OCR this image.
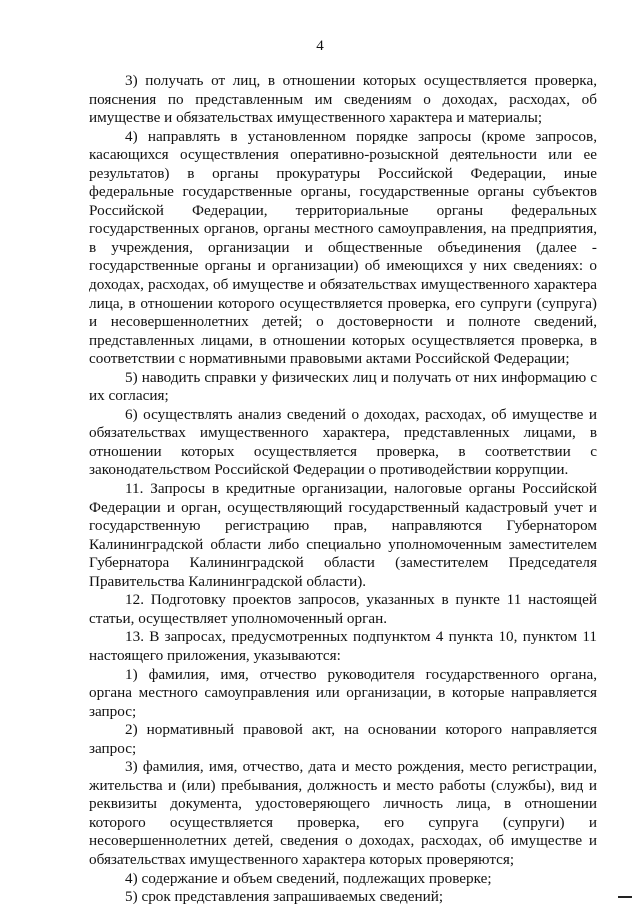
4

3) получать от лиц, в отношении которых осуществляется проверка, пояснения по представленным им сведениям о доходах, расходах, об имуществе и обязательствах имущественного характера и материалы;

4) направлять в установленном порядке запросы (кроме запросов, касающихся осуществления оперативно-розыскной деятельности или ее результатов) в органы прокуратуры Российской Федерации, иные федеральные государственные органы, государственные органы субъектов Российской Федерации, территориальные органы федеральных государственных органов, органы местного самоуправления, на предприятия, в учреждения, организации и общественные объединения (далее - государственные органы и организации) об имеющихся у них сведениях: о доходах, расходах, об имуществе и обязательствах имущественного характера лица, в отношении которого осуществляется проверка, его супруги (супруга) и несовершеннолетних детей; о достоверности и полноте сведений, представленных лицами, в отношении которых осуществляется проверка, в соответствии с нормативными правовыми актами Российской Федерации;

5) наводить справки у физических лиц и получать от них информацию с их согласия;

6) осуществлять анализ сведений о доходах, расходах, об имуществе и обязательствах имущественного характера, представленных лицами, в отношении которых осуществляется проверка, в соответствии с законодательством Российской Федерации о противодействии коррупции.

11. Запросы в кредитные организации, налоговые органы Российской Федерации и орган, осуществляющий государственный кадастровый учет и государственную регистрацию прав, направляются Губернатором Калининградской области либо специально уполномоченным заместителем Губернатора Калининградской области (заместителем Председателя Правительства Калининградской области).

12. Подготовку проектов запросов, указанных в пункте 11 настоящей статьи, осуществляет уполномоченный орган.

13. В запросах, предусмотренных подпунктом 4 пункта 10, пунктом 11 настоящего приложения, указываются:

1) фамилия, имя, отчество руководителя государственного органа, органа местного самоуправления или организации, в которые направляется запрос;

2) нормативный правовой акт, на основании которого направляется запрос;

3) фамилия, имя, отчество, дата и место рождения, место регистрации, жительства и (или) пребывания, должность и место работы (службы), вид и реквизиты документа, удостоверяющего личность лица, в отношении которого осуществляется проверка, его супруга (супруги) и несовершеннолетних детей, сведения о доходах, расходах, об имуществе и обязательствах имущественного характера которых проверяются;

4) содержание и объем сведений, подлежащих проверке;

5) срок представления запрашиваемых сведений;
